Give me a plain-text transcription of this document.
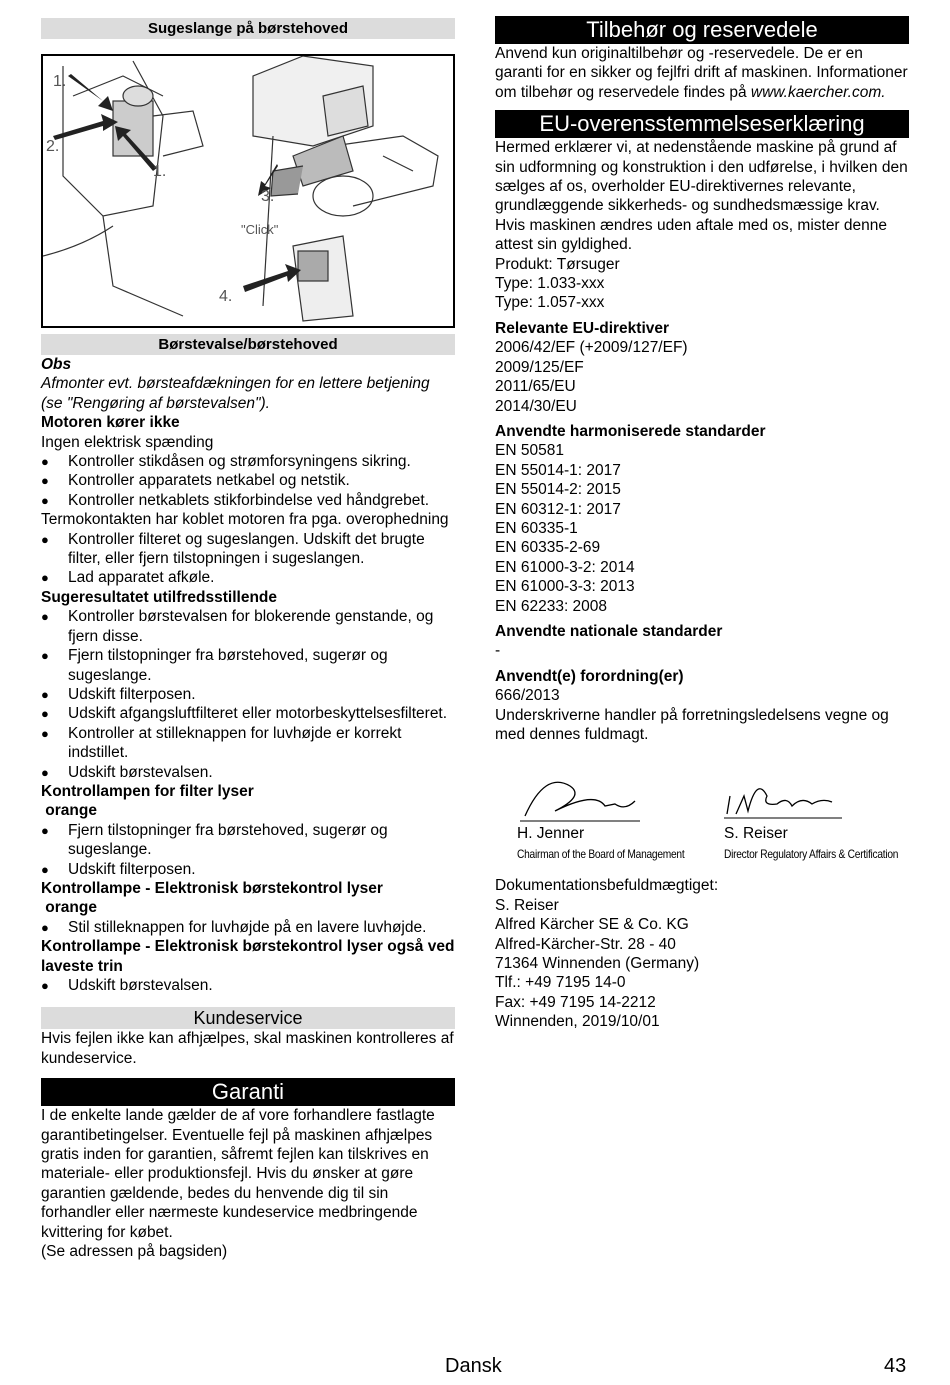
Sugeslange på børstehoved
1.
2.
1.
3.
"Click"
4.
Børstevalse/børstehoved

Obs

Afmonter evt. børsteafdækningen for en lettere betjening (se "Rengøring af børstevalsen").

Motoren kører ikke

Ingen elektrisk spænding

● Kontroller stikdåsen og strømforsyningens sikring.

● Kontroller apparatets netkabel og netstik.

● Kontroller netkablets stikforbindelse ved håndgrebet.

Termokontakten har koblet motoren fra pga. overophedning

● Kontroller filteret og sugeslangen. Udskift det brugte filter, eller fjern tilstopningen i sugeslangen.

● Lad apparatet afkøle.

Sugeresultatet utilfredsstillende

● Kontroller børstevalsen for blokerende genstande, og fjern disse.

● Fjern tilstopninger fra børstehoved, sugerør og sugeslange.

● Udskift filterposen.

● Udskift afgangsluftfilteret eller motorbeskyttelsesfilteret.

● Kontroller at stilleknappen for luvhøjde er korrekt indstillet.

● Udskift børstevalsen.

Kontrollampen for filter lyser

orange

● Fjern tilstopninger fra børstehoved, sugerør og sugeslange.

● Udskift filterposen.

Kontrollampe - Elektronisk børstekontrol lyser

orange

● Stil stilleknappen for luvhøjde på en lavere luvhøjde.

Kontrollampe - Elektronisk børstekontrol lyser også ved laveste trin

● Udskift børstevalsen.

Kundeservice

Hvis fejlen ikke kan afhjælpes, skal maskinen kontrolleres af kundeservice.

Garanti

I de enkelte lande gælder de af vore forhandlere fastlagte garantibetingelser. Eventuelle fejl på maskinen afhjælpes gratis inden for garantien, såfremt fejlen kan tilskrives en materiale- eller produktionsfejl. Hvis du ønsker at gøre garantien gældende, bedes du henvende dig til sin forhandler eller nærmeste kundeservice medbringende kvittering for købet.

(Se adressen på bagsiden)

Tilbehør og reservedele

Anvend kun originaltilbehør og -reservedele. De er en garanti for en sikker og fejlfri drift af maskinen. Informationer om tilbehør og reservedele findes på www.kaercher.com.

EU-overensstemmelseserklæring

Hermed erklærer vi, at nedenstående maskine på grund af sin udformning og konstruktion i den udførelse, i hvilken den sælges af os, overholder EU-direktivernes relevante, grundlæggende sikkerheds- og sundhedsmæssige krav. Hvis maskinen ændres uden aftale med os, mister denne attest sin gyldighed.

Produkt: Tørsuger

Type: 1.033-xxx

Type: 1.057-xxx

Relevante EU-direktiver

2006/42/EF (+2009/127/EF)

2009/125/EF

2011/65/EU

2014/30/EU

Anvendte harmoniserede standarder

EN 50581

EN 55014-1: 2017

EN 55014-2: 2015

EN 60312-1: 2017

EN 60335-1

EN 60335-2-69

EN 61000-3-2: 2014

EN 61000-3-3: 2013

EN 62233: 2008

Anvendte nationale standarder

-

Anvendt(e) forordning(er)

666/2013

Underskriverne handler på forretningsledelsens vegne og med dennes fuldmagt.

H. Jenner
Chairman of the Board of Management
S. Reiser
Director Regulatory Affairs & Certification

Dokumentationsbefuldmægtiget:

S. Reiser

Alfred Kärcher SE & Co. KG

Alfred-Kärcher-Str. 28 - 40

71364 Winnenden (Germany)

Tlf.: +49 7195 14-0

Fax: +49 7195 14-2212

Winnenden, 2019/10/01

Dansk	43
